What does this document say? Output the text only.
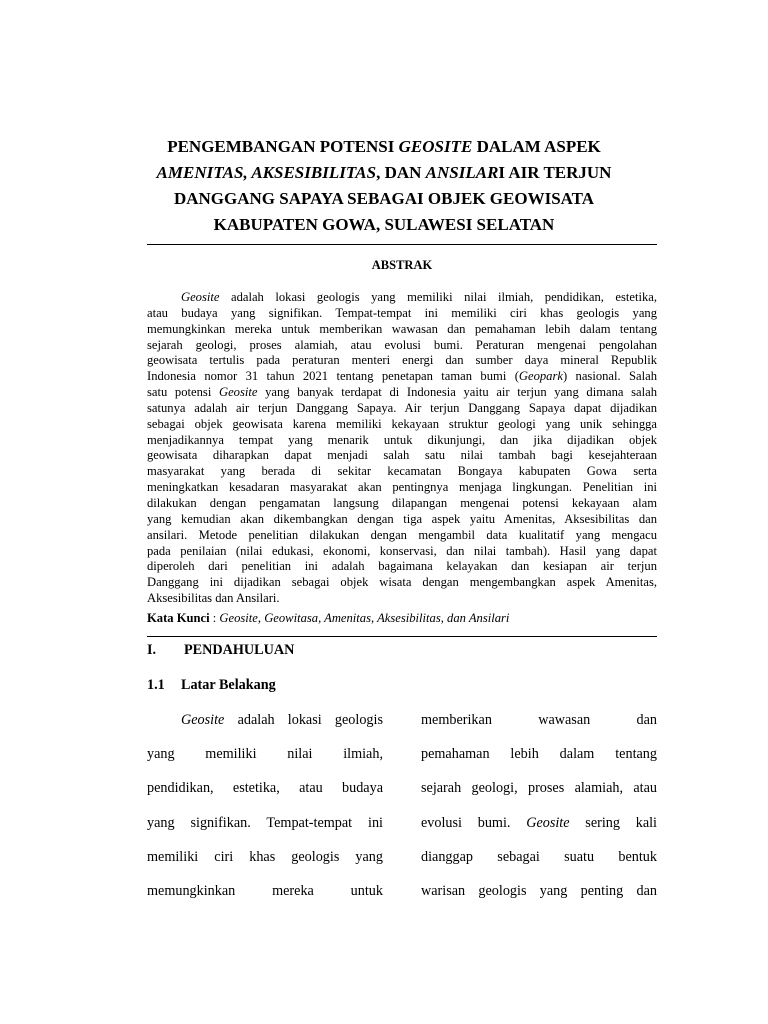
PENGEMBANGAN POTENSI GEOSITE DALAM ASPEK
AMENITAS, AKSESIBILITAS, DAN ANSILARI AIR TERJUN
DANGGANG SAPAYA SEBAGAI OBJEK GEOWISATA
KABUPATEN GOWA, SULAWESI SELATAN
ABSTRAK
Geosite adalah lokasi geologis yang memiliki nilai ilmiah, pendidikan, estetika,
atau budaya yang signifikan. Tempat-tempat ini memiliki ciri khas geologis yang
memungkinkan mereka untuk memberikan wawasan dan pemahaman lebih dalam tentang
sejarah geologi, proses alamiah, atau evolusi bumi. Peraturan mengenai pengolahan
geowisata tertulis pada peraturan menteri energi dan sumber daya mineral Republik
Indonesia nomor 31 tahun 2021 tentang penetapan taman bumi (Geopark) nasional. Salah
satu potensi Geosite yang banyak terdapat di Indonesia yaitu air terjun yang dimana salah
satunya adalah air terjun Danggang Sapaya. Air terjun Danggang Sapaya dapat dijadikan
sebagai objek geowisata karena memiliki kekayaan struktur geologi yang unik sehingga
menjadikannya tempat yang menarik untuk dikunjungi, dan jika dijadikan objek
geowisata diharapkan dapat menjadi salah satu nilai tambah bagi kesejahteraan
masyarakat yang berada di sekitar kecamatan Bongaya kabupaten Gowa serta
meningkatkan kesadaran masyarakat akan pentingnya menjaga lingkungan. Penelitian ini
dilakukan dengan pengamatan langsung dilapangan mengenai potensi kekayaan alam
yang kemudian akan dikembangkan dengan tiga aspek yaitu Amenitas, Aksesibilitas dan
ansilari. Metode penelitian dilakukan dengan mengambil data kualitatif yang mengacu
pada penilaian (nilai edukasi, ekonomi, konservasi, dan nilai tambah). Hasil yang dapat
diperoleh dari penelitian ini adalah bagaimana kelayakan dan kesiapan air terjun
Danggang ini dijadikan sebagai objek wisata dengan mengembangkan aspek Amenitas,
Aksesibilitas dan Ansilari.
Kata Kunci : Geosite, Geowitasa, Amenitas, Aksesibilitas, dan Ansilari
I. PENDAHULUAN
1.1 Latar Belakang
Geosite adalah lokasi geologis
yang memiliki nilai ilmiah,
pendidikan, estetika, atau budaya
yang signifikan. Tempat-tempat ini
memiliki ciri khas geologis yang
memungkinkan mereka untuk
memberikan wawasan dan
pemahaman lebih dalam tentang
sejarah geologi, proses alamiah, atau
evolusi bumi. Geosite sering kali
dianggap sebagai suatu bentuk
warisan geologis yang penting dan
